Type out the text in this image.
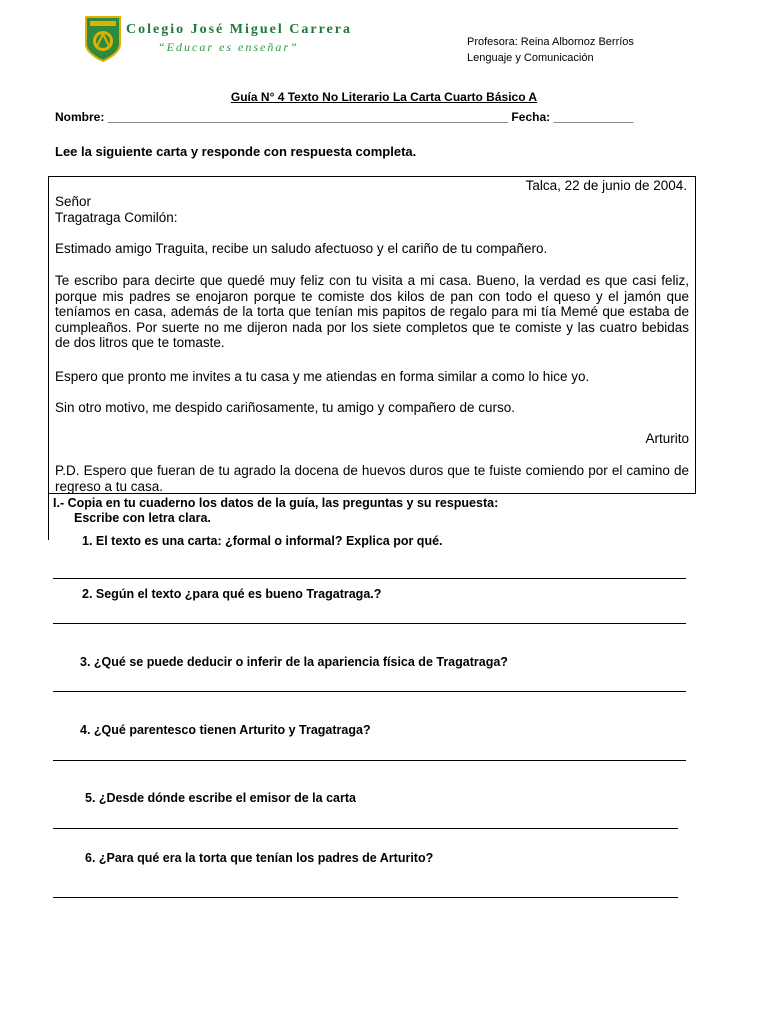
Colegio José Miguel Carrera
“Educar es enseñar”	Profesora: Reina Albornoz Berríos
Lenguaje y Comunicación
Guía N° 4 Texto No Literario La Carta Cuarto Básico A
Nombre: ____________________________________________________________ Fecha: ____________
Lee la siguiente carta y responde con respuesta completa.
Talca, 22 de junio de 2004.
Señor
Tragatraga Comilón:
Estimado amigo Traguita, recibe un saludo afectuoso y el cariño de tu compañero.
Te escribo para decirte que quedé muy feliz con tu visita a mi casa. Bueno, la verdad es que casi feliz, porque mis padres se enojaron porque te comiste dos kilos de pan con todo el queso y el jamón que teníamos en casa, además de la torta que tenían mis papitos de regalo para mi tía Memé que estaba de cumpleaños. Por suerte no me dijeron nada por los siete completos que te comiste y las cuatro bebidas de dos litros que te tomaste.
Espero que pronto me invites a tu casa y me atiendas en forma similar a como lo hice yo.
Sin otro motivo, me despido cariñosamente, tu amigo y compañero de curso.
Arturito
P.D. Espero que fueran de tu agrado la docena de huevos duros que te fuiste comiendo por el camino de regreso a tu casa.
I.- Copia en tu cuaderno los datos de la guía, las preguntas y su respuesta:
Escribe con letra clara.
1. El texto es una carta: ¿formal o informal? Explica por qué.
2. Según el texto ¿para qué es bueno Tragatraga.?
3. ¿Qué se puede deducir o inferir de la apariencia física de Tragatraga?
4. ¿Qué parentesco tienen Arturito y Tragatraga?
5. ¿Desde dónde escribe el emisor de la carta
6. ¿Para qué era la torta que tenían los padres de Arturito?
